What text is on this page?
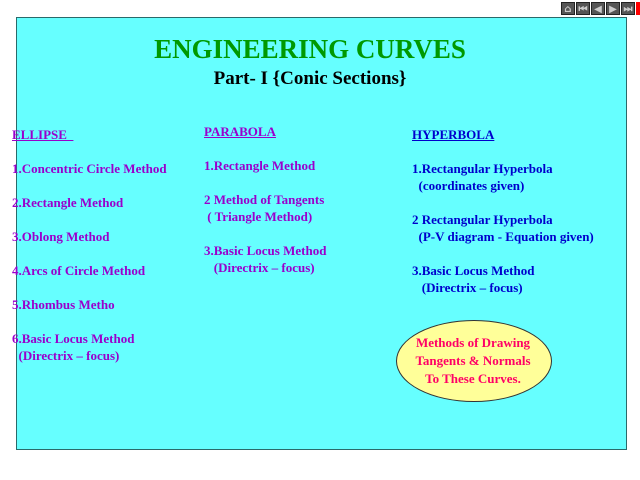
⌂ ⏮ ◀ ▶ ⏭
ENGINEERING CURVES
Part- I {Conic Sections}
ELLIPSE
1.Concentric Circle Method
2.Rectangle Method
3.Oblong Method
4.Arcs of Circle Method
5.Rhombus Metho
6.Basic Locus Method
(Directrix – focus)
PARABOLA
1.Rectangle Method
2 Method of Tangents
( Triangle Method)
3.Basic Locus Method
(Directrix – focus)
HYPERBOLA
1.Rectangular Hyperbola
(coordinates given)
2 Rectangular Hyperbola
(P-V diagram - Equation given)
3.Basic Locus Method
(Directrix – focus)
Methods of Drawing
Tangents & Normals
To These Curves.
